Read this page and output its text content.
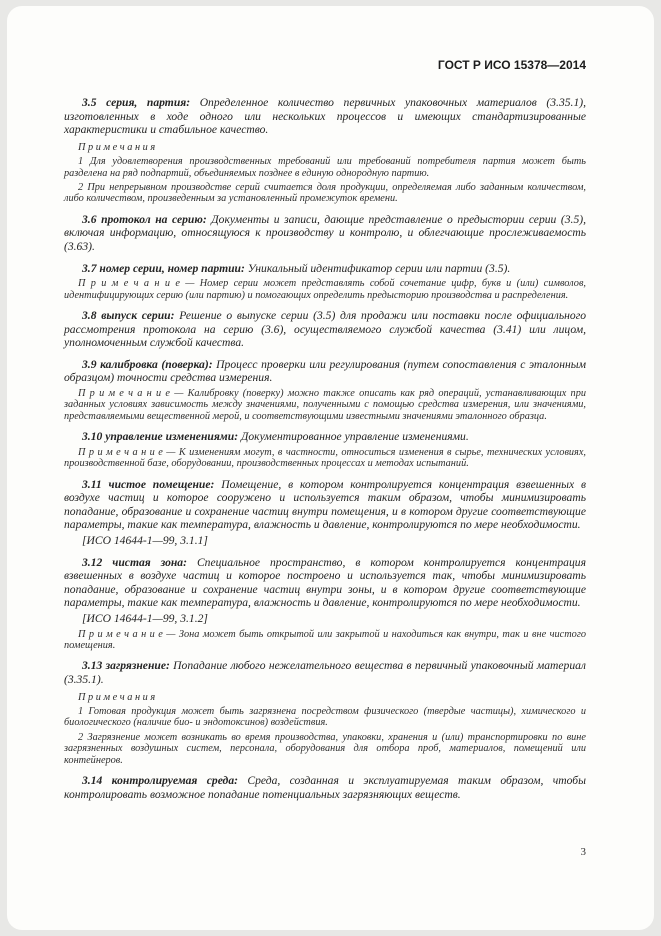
ГОСТ Р ИСО 15378—2014

3.5 серия, партия: Определенное количество первичных упаковочных материалов (3.35.1), изготовленных в ходе одного или нескольких процессов и имеющих стандартизированные характеристики и стабильное качество.

П р и м е ч а н и я

1 Для удовлетворения производственных требований или требований потребителя партия может быть разделена на ряд подпартий, объединяемых позднее в единую однородную партию.

2 При непрерывном производстве серий считается доля продукции, определяемая либо заданным количеством, либо количеством, произведенным за установленный промежуток времени.

3.6 протокол на серию: Документы и записи, дающие представление о предыстории серии (3.5), включая информацию, относящуюся к производству и контролю, и облегчающие прослеживаемость (3.63).

3.7 номер серии, номер партии: Уникальный идентификатор серии или партии (3.5).

П р и м е ч а н и е — Номер серии может представлять собой сочетание цифр, букв и (или) символов, идентифицирующих серию (или партию) и помогающих определить предысторию производства и распределения.

3.8 выпуск серии: Решение о выпуске серии (3.5) для продажи или поставки после официального рассмотрения протокола на серию (3.6), осуществляемого службой качества (3.41) или лицом, уполномоченным службой качества.

3.9 калибровка (поверка): Процесс проверки или регулирования (путем сопоставления с эталонным образцом) точности средства измерения.

П р и м е ч а н и е — Калибровку (поверку) можно также описать как ряд операций, устанавливающих при заданных условиях зависимость между значениями, полученными с помощью средства измерения, или значениями, представляемыми вещественной мерой, и соответствующими известными значениями эталонного образца.

3.10 управление изменениями: Документированное управление изменениями.

П р и м е ч а н и е — К изменениям могут, в частности, относиться изменения в сырье, технических условиях, производственной базе, оборудовании, производственных процессах и методах испытаний.

3.11 чистое помещение: Помещение, в котором контролируется концентрация взвешенных в воздухе частиц и которое сооружено и используется таким образом, чтобы минимизировать попадание, образование и сохранение частиц внутри помещения, и в котором другие соответствующие параметры, такие как температура, влажность и давление, контролируются по мере необходимости.

[ИСО 14644-1—99, 3.1.1]

3.12 чистая зона: Специальное пространство, в котором контролируется концентрация взвешенных в воздухе частиц и которое построено и используется так, чтобы минимизировать попадание, образование и сохранение частиц внутри зоны, и в котором другие соответствующие параметры, такие как температура, влажность и давление, контролируются по мере необходимости.

[ИСО 14644-1—99, 3.1.2]

П р и м е ч а н и е — Зона может быть открытой или закрытой и находиться как внутри, так и вне чистого помещения.

3.13 загрязнение: Попадание любого нежелательного вещества в первичный упаковочный материал (3.35.1).

П р и м е ч а н и я

1 Готовая продукция может быть загрязнена посредством физического (твердые частицы), химического и биологического (наличие био- и эндотоксинов) воздействия.

2 Загрязнение может возникать во время производства, упаковки, хранения и (или) транспортировки по вине загрязненных воздушных систем, персонала, оборудования для отбора проб, материалов, помещений или контейнеров.

3.14 контролируемая среда: Среда, созданная и эксплуатируемая таким образом, чтобы контролировать возможное попадание потенциальных загрязняющих веществ.

3
